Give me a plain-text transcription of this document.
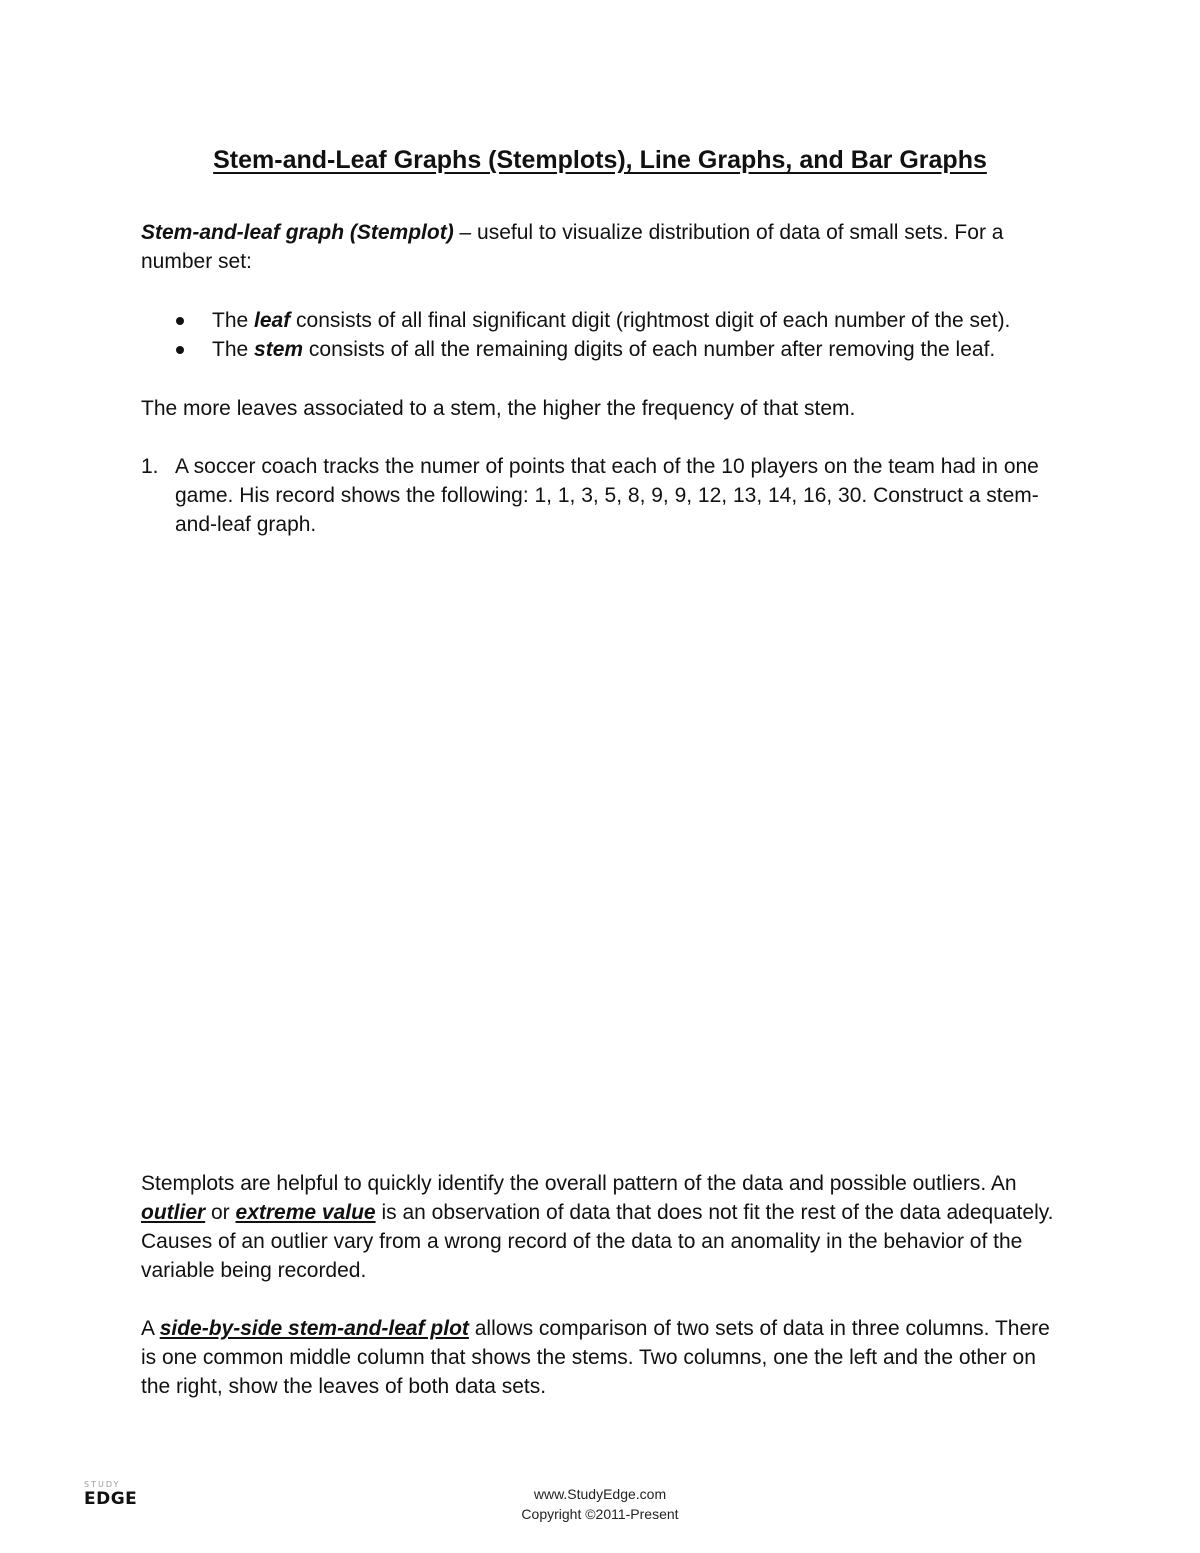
Stem-and-Leaf Graphs (Stemplots), Line Graphs, and Bar Graphs

Stem-and-leaf graph (Stemplot) – useful to visualize distribution of data of small sets. For a number set:

The leaf consists of all final significant digit (rightmost digit of each number of the set).
The stem consists of all the remaining digits of each number after removing the leaf.

The more leaves associated to a stem, the higher the frequency of that stem.

1. A soccer coach tracks the numer of points that each of the 10 players on the team had in one game. His record shows the following: 1, 1, 3, 5, 8, 9, 9, 12, 13, 14, 16, 30. Construct a stem-and-leaf graph.

Stemplots are helpful to quickly identify the overall pattern of the data and possible outliers. An outlier or extreme value is an observation of data that does not fit the rest of the data adequately. Causes of an outlier vary from a wrong record of the data to an anomality in the behavior of the variable being recorded.

A side-by-side stem-and-leaf plot allows comparison of two sets of data in three columns. There is one common middle column that shows the stems. Two columns, one the left and the other on the right, show the leaves of both data sets.

STUDY
EDGE	www.StudyEdge.com
Copyright ©2011-Present
